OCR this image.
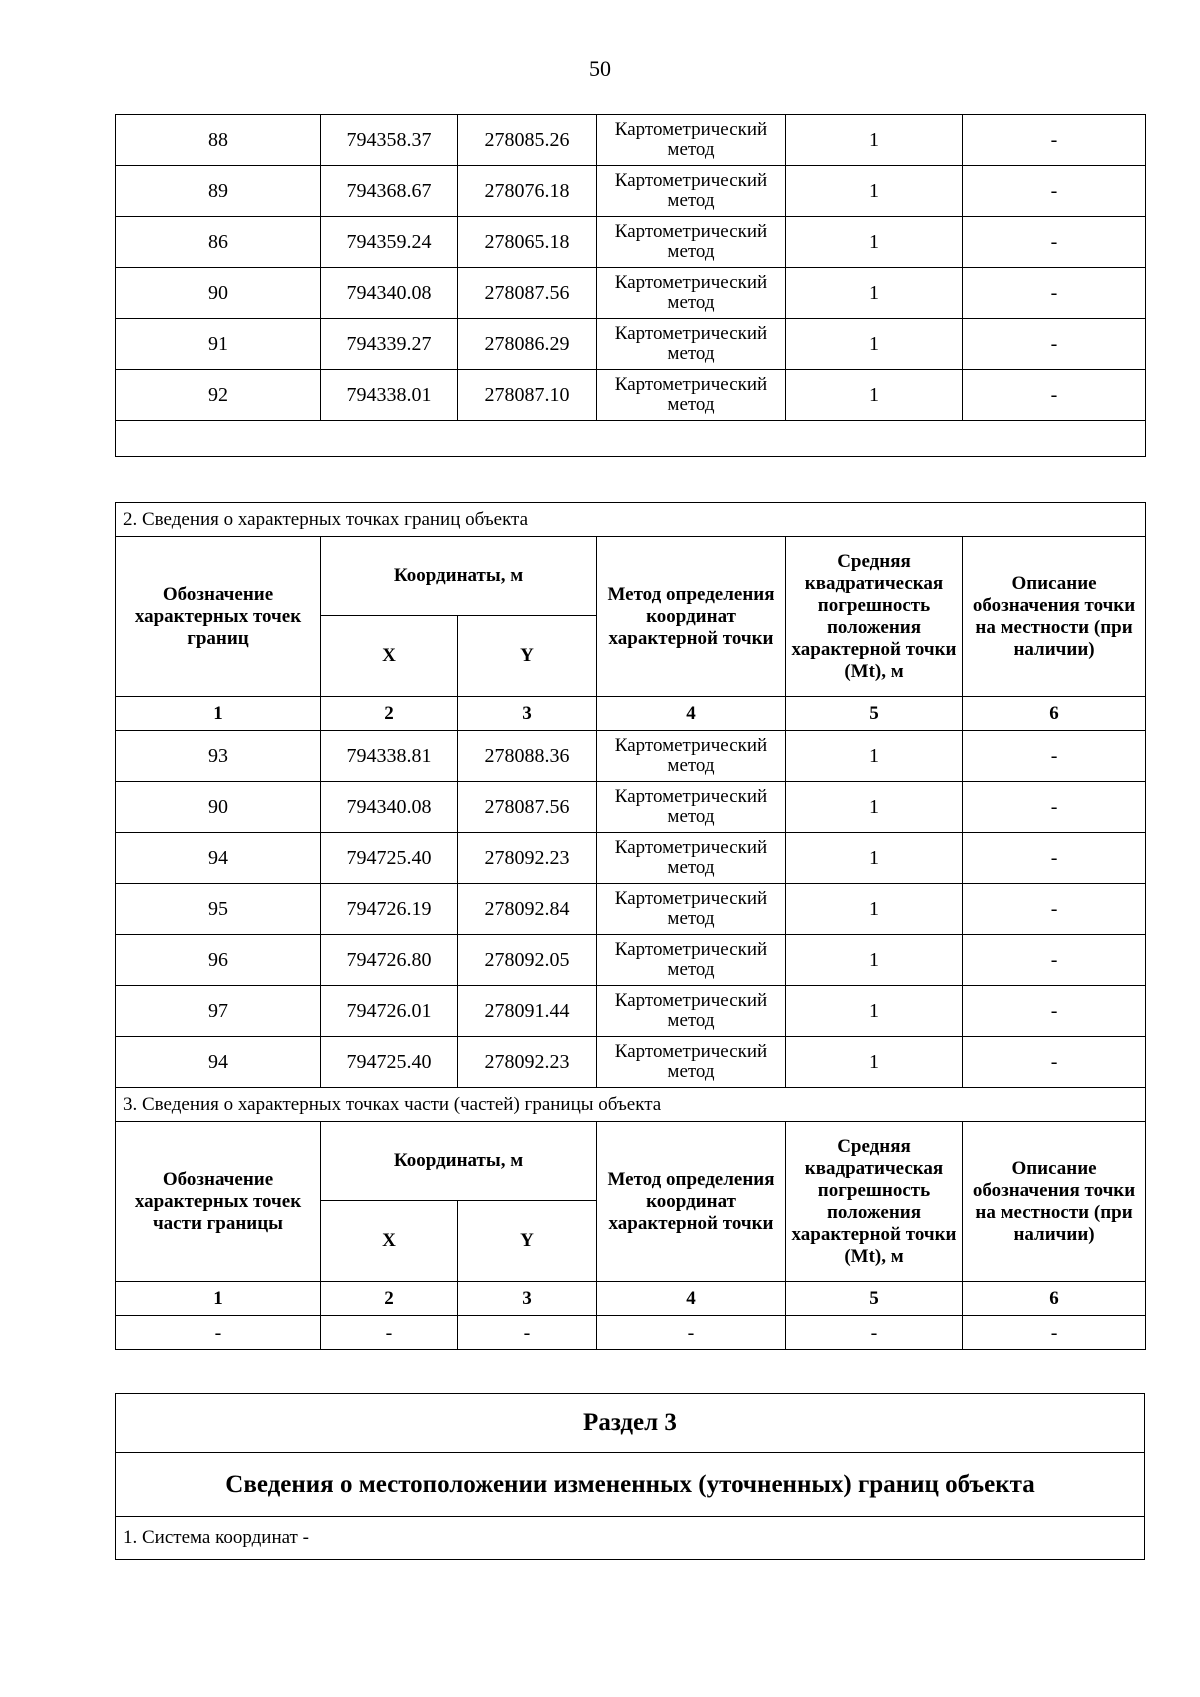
50
88	794358.37	278085.26	Картометрический метод	1	-
89	794368.67	278076.18	Картометрический метод	1	-
86	794359.24	278065.18	Картометрический метод	1	-
90	794340.08	278087.56	Картометрический метод	1	-
91	794339.27	278086.29	Картометрический метод	1	-
92	794338.01	278087.10	Картометрический метод	1	-

2. Сведения о характерных точках границ объекта					
Обозначение характерных точек границ	Координаты, м		Метод определения координат характерной точки	Средняя квадратическая погрешность положения характерной точки (Mt), м	Описание обозначения точки на местности (при наличии)
	X	Y			
1	2	3	4	5	6
93	794338.81	278088.36	Картометрический метод	1	-
90	794340.08	278087.56	Картометрический метод	1	-
94	794725.40	278092.23	Картометрический метод	1	-
95	794726.19	278092.84	Картометрический метод	1	-
96	794726.80	278092.05	Картометрический метод	1	-
97	794726.01	278091.44	Картометрический метод	1	-
94	794725.40	278092.23	Картометрический метод	1	-
3. Сведения о характерных точках части (частей) границы объекта					
Обозначение характерных точек части границы	Координаты, м		Метод определения координат характерной точки	Средняя квадратическая погрешность положения характерной точки (Mt), м	Описание обозначения точки на местности (при наличии)
	X	Y			
1	2	3	4	5	6
-	-	-	-	-	-
Раздел 3
Сведения о местоположении измененных (уточненных) границ объекта
1. Система координат -
